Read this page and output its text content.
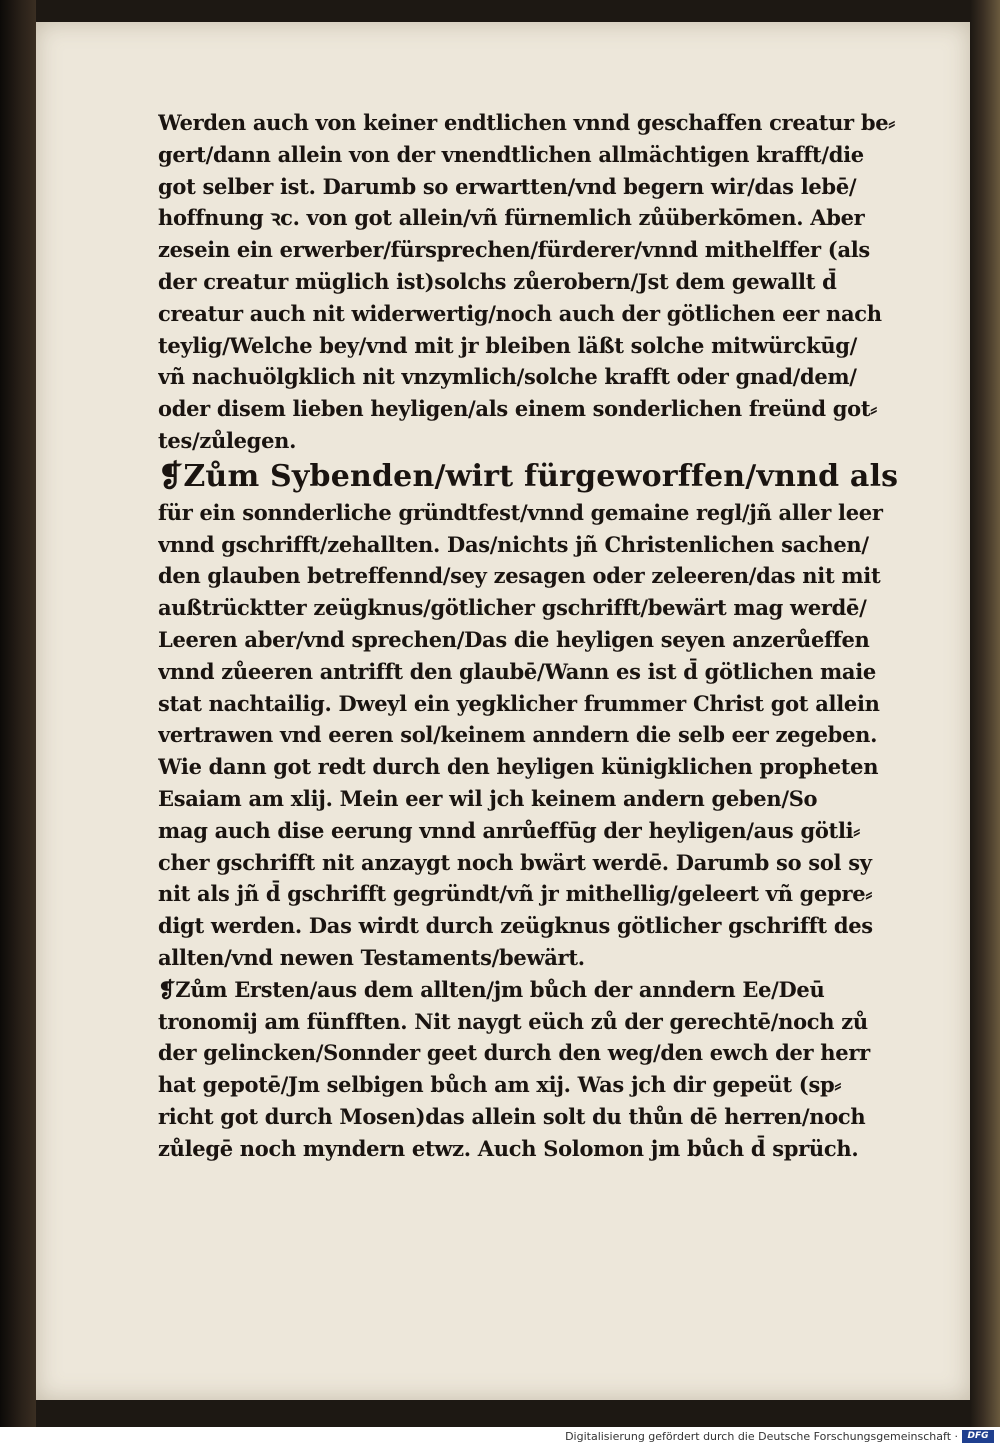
Werden auch von keiner endtlichen vnnd geschaffen creatur be⸗
gert/dann allein von der vnendtlichen allmächtigen krafft/die
got selber ist. Darumb so erwartten/vnd begern wir/das lebē/
hoffnung ꝛc. von got allein/vñ fürnemlich zůüberkōmen. Aber
zesein ein erwerber/fürsprechen/fürderer/vnnd mithelffer (als
der creatur müglich ist)solchs zůerobern/Jst dem gewallt d̄
creatur auch nit widerwertig/noch auch der götlichen eer nach
teylig/Welche bey/vnd mit jr bleiben läßt solche mitwürckūg/
vñ nachuölgklich nit vnzymlich/solche krafft oder gnad/dem/
oder disem lieben heyligen/als einem sonderlichen freünd got⸗
tes/zůlegen.
❡Zům Sybenden/wirt fürgeworffen/vnnd als
für ein sonnderliche gründtfest/vnnd gemaine regl/jñ aller leer
vnnd gschrifft/zehallten. Das/nichts jñ Christenlichen sachen/
den glauben betreffennd/sey zesagen oder zeleeren/das nit mit
außtrücktter zeügknus/götlicher gschrifft/bewärt mag werdē/
Leeren aber/vnd sprechen/Das die heyligen seyen anzerůeffen
vnnd zůeeren antrifft den glaubē/Wann es ist d̄ götlichen maie
stat nachtailig. Dweyl ein yegklicher frummer Christ got allein
vertrawen vnd eeren sol/keinem anndern die selb eer zegeben.
Wie dann got redt durch den heyligen künigklichen propheten
Esaiam am xlij. Mein eer wil jch keinem andern geben/So
mag auch dise eerung vnnd anrůeffūg der heyligen/aus götli⸗
cher gschrifft nit anzaygt noch bwärt werdē. Darumb so sol sy
nit als jñ d̄ gschrifft gegründt/vñ jr mithellig/geleert vñ gepre⸗
digt werden. Das wirdt durch zeügknus götlicher gschrifft des
allten/vnd newen Testaments/bewärt.
❡Zům Ersten/aus dem allten/jm bůch der anndern Ee/Deū
tronomij am fünfften. Nit naygt eüch zů der gerechtē/noch zů
der gelincken/Sonnder geet durch den weg/den ewch der herr
hat gepotē/Jm selbigen bůch am xij. Was jch dir gepeüt (sp⸗
richt got durch Mosen)das allein solt du thůn dē herren/noch
zůlegē noch myndern etwz. Auch Solomon jm bůch d̄ sprüch.
Digitalisierung gefördert durch die Deutsche Forschungsgemeinschaft ·	DFG
